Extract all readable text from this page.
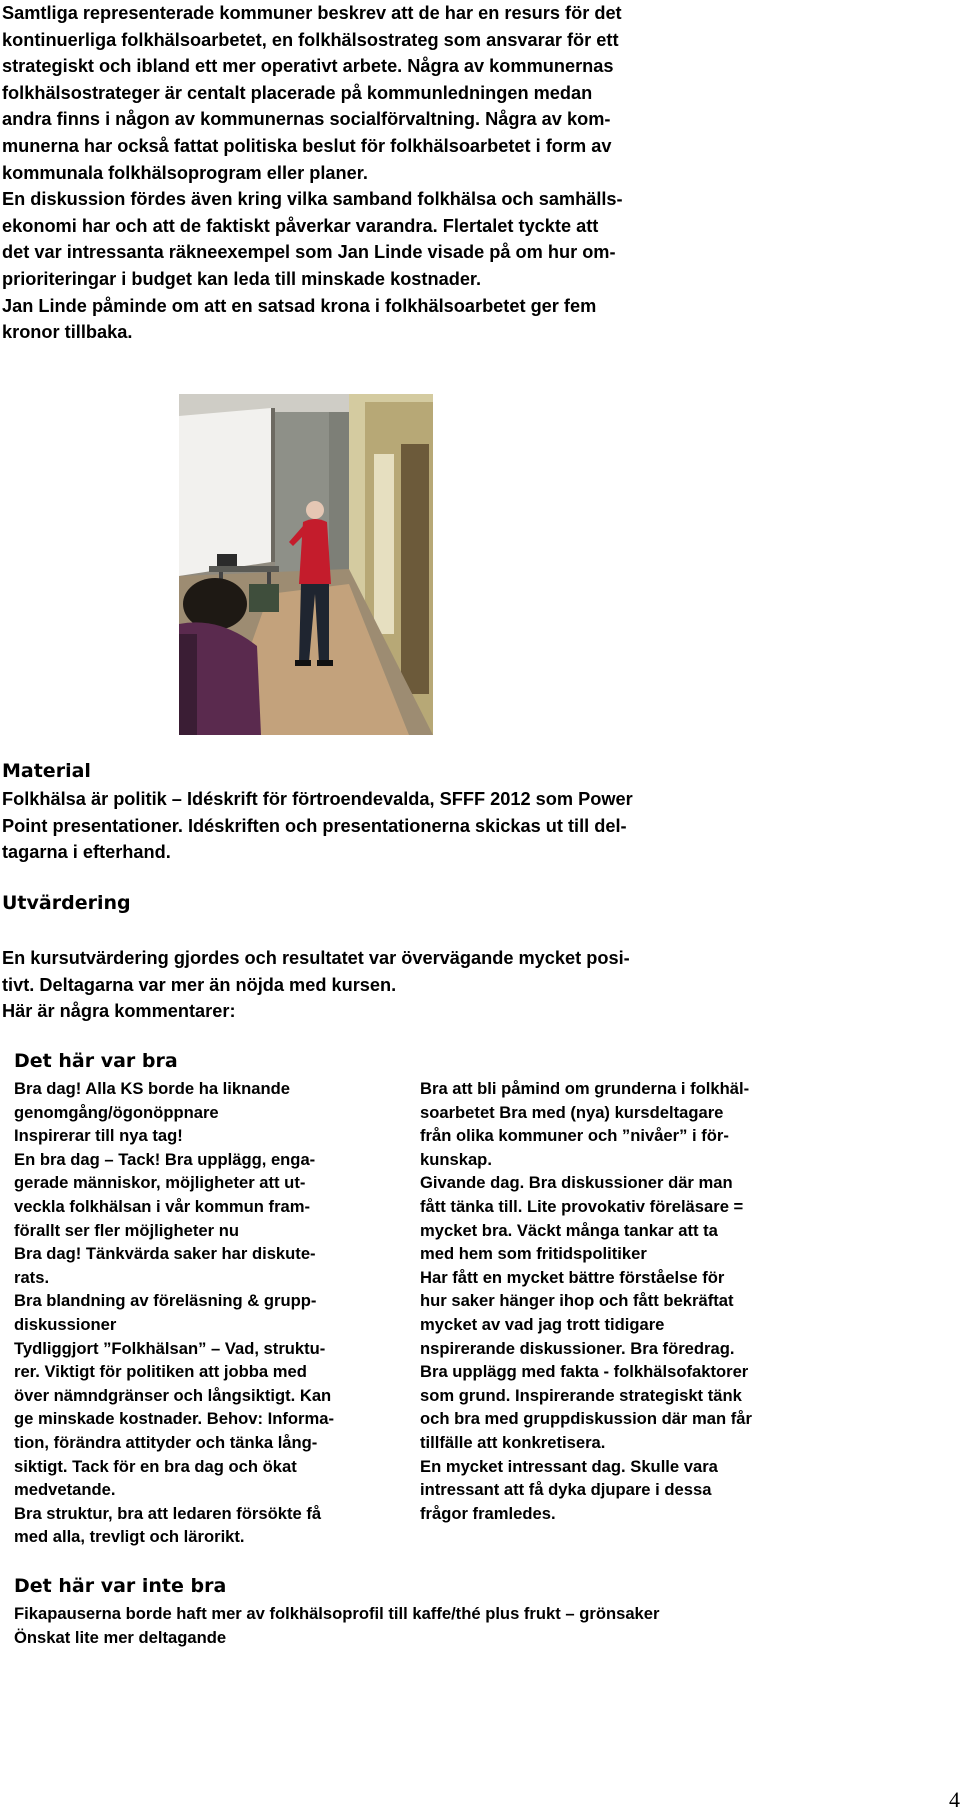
Samtliga representerade kommuner beskrev att de har en resurs för det
kontinuerliga folkhälsoarbetet, en folkhälsostrateg som ansvarar för ett
strategiskt och ibland ett mer operativt arbete. Några av kommunernas
folkhälsostrateger är centalt placerade på kommunledningen medan
andra finns i någon av kommunernas socialförvaltning. Några av kom-
munerna har också fattat politiska beslut för folkhälsoarbetet i form av
kommunala folkhälsoprogram eller planer.
En diskussion fördes även kring vilka samband folkhälsa och samhälls-
ekonomi har och att de faktiskt påverkar varandra. Flertalet tyckte att
det var intressanta räkneexempel som Jan Linde visade på om hur om-
prioriteringar i budget kan leda till minskade kostnader.
Jan Linde påminde om att en satsad krona i folkhälsoarbetet ger fem
kronor tillbaka.
Material
Folkhälsa är politik – Idéskrift för förtroendevalda, SFFF 2012 som Power
Point presentationer. Idéskriften och presentationerna skickas ut till del-
tagarna i efterhand.
Utvärdering
En kursutvärdering gjordes och resultatet var övervägande mycket posi-
tivt. Deltagarna var mer än nöjda med kursen.
Här är några kommentarer:
Det här var bra
Bra dag! Alla KS borde ha liknande
genomgång/ögonöppnare
Inspirerar till nya tag!
En bra dag – Tack! Bra upplägg, enga-
gerade människor, möjligheter att ut-
veckla folkhälsan i vår kommun fram-
förallt ser fler möjligheter nu
Bra dag! Tänkvärda saker har diskute-
rats.
Bra blandning av föreläsning & grupp-
diskussioner
Tydliggjort ”Folkhälsan” – Vad, struktu-
rer. Viktigt för politiken att jobba med
över nämndgränser och långsiktigt. Kan
ge minskade kostnader. Behov: Informa-
tion, förändra attityder och tänka lång-
siktigt. Tack för en bra dag och ökat
medvetande.
Bra struktur, bra att ledaren försökte få
med alla, trevligt och lärorikt.
Bra att bli påmind om grunderna i folkhäl-
soarbetet Bra med (nya) kursdeltagare
från olika kommuner och ”nivåer” i för-
kunskap.
Givande dag. Bra diskussioner där man
fått tänka till. Lite provokativ föreläsare =
mycket bra. Väckt många tankar att ta
med hem som fritidspolitiker
Har fått en mycket bättre förståelse för
hur saker hänger ihop och fått bekräftat
mycket av vad jag trott tidigare
nspirerande diskussioner. Bra föredrag.
Bra upplägg med fakta - folkhälsofaktorer
som grund. Inspirerande strategiskt tänk
och bra med gruppdiskussion där man får
tillfälle att konkretisera.
En mycket intressant dag. Skulle vara
intressant att få dyka djupare i dessa
frågor framledes.
Det här var inte bra
Fikapauserna borde haft mer av folkhälsoprofil till kaffe/thé plus frukt – grönsaker
Önskat lite mer deltagande
4
